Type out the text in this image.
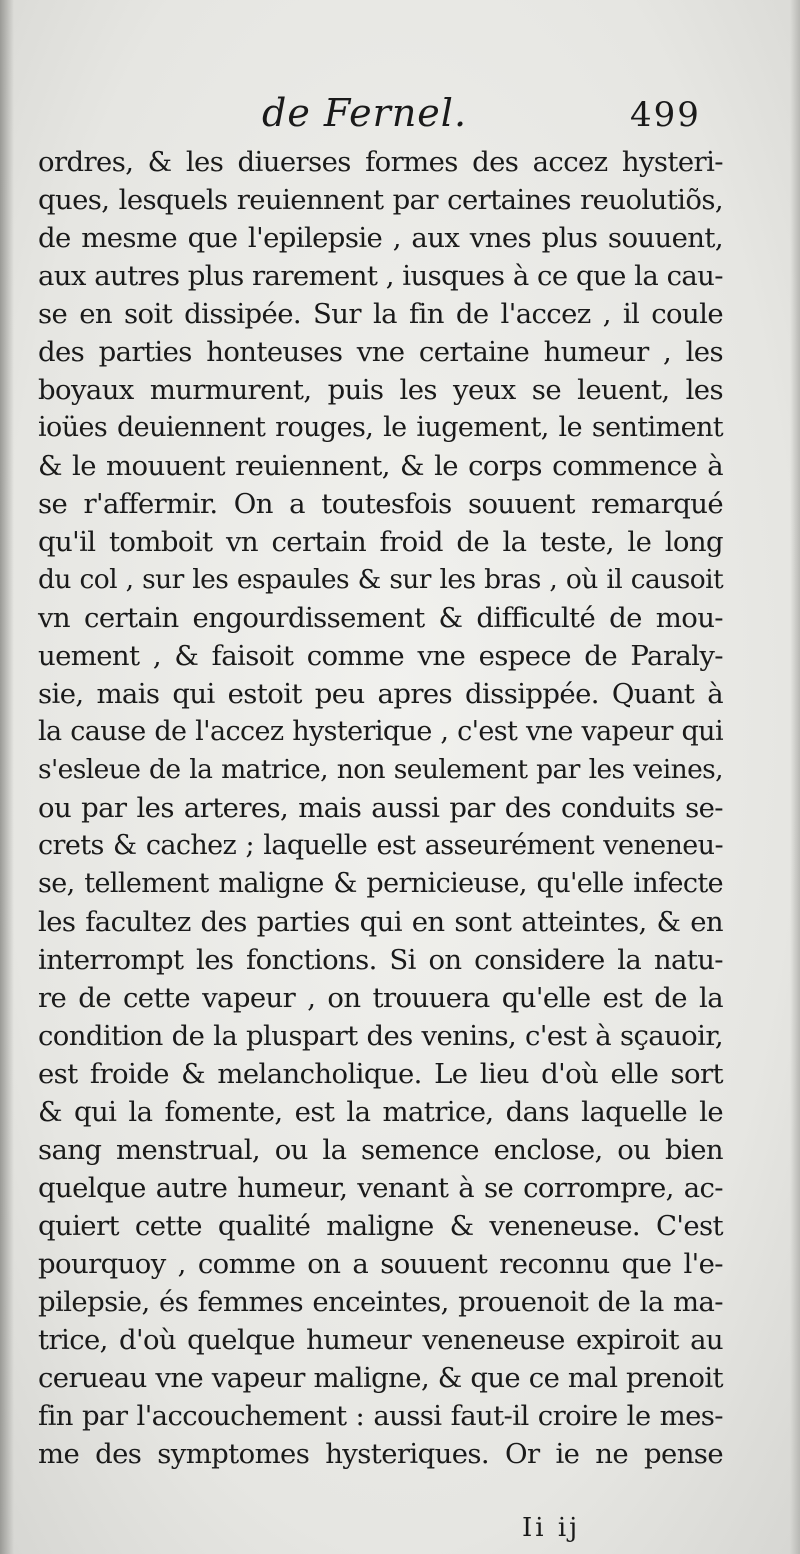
de Fernel.	499
ordres, & les diuerses formes des accez hysteri-
ques, lesquels reuiennent par certaines reuolutiõs,
de mesme que l'epilepsie , aux vnes plus souuent,
aux autres plus rarement , iusques à ce que la cau-
se en soit dissipée. Sur la fin de l'accez , il coule
des parties honteuses vne certaine humeur , les
boyaux murmurent, puis les yeux se leuent, les
ioües deuiennent rouges, le iugement, le sentiment
& le mouuent reuiennent, & le corps commence à
se r'affermir. On a toutesfois souuent remarqué
qu'il tomboit vn certain froid de la teste, le long
du col , sur les espaules & sur les bras , où il causoit
vn certain engourdissement & difficulté de mou-
uement , & faisoit comme vne espece de Paraly-
sie, mais qui estoit peu apres dissippée. Quant à
la cause de l'accez hysterique , c'est vne vapeur qui
s'esleue de la matrice, non seulement par les veines,
ou par les arteres, mais aussi par des conduits se-
crets & cachez ; laquelle est asseurément veneneu-
se, tellement maligne & pernicieuse, qu'elle infecte
les facultez des parties qui en sont atteintes, & en
interrompt les fonctions. Si on considere la natu-
re de cette vapeur , on trouuera qu'elle est de la
condition de la pluspart des venins, c'est à sçauoir,
est froide & melancholique. Le lieu d'où elle sort
& qui la fomente, est la matrice, dans laquelle le
sang menstrual, ou la semence enclose, ou bien
quelque autre humeur, venant à se corrompre, ac-
quiert cette qualité maligne & veneneuse. C'est
pourquoy , comme on a souuent reconnu que l'e-
pilepsie, és femmes enceintes, prouenoit de la ma-
trice, d'où quelque humeur veneneuse expiroit au
cerueau vne vapeur maligne, & que ce mal prenoit
fin par l'accouchement : aussi faut-il croire le mes-
me des symptomes hysteriques. Or ie ne pense
Ii ij
